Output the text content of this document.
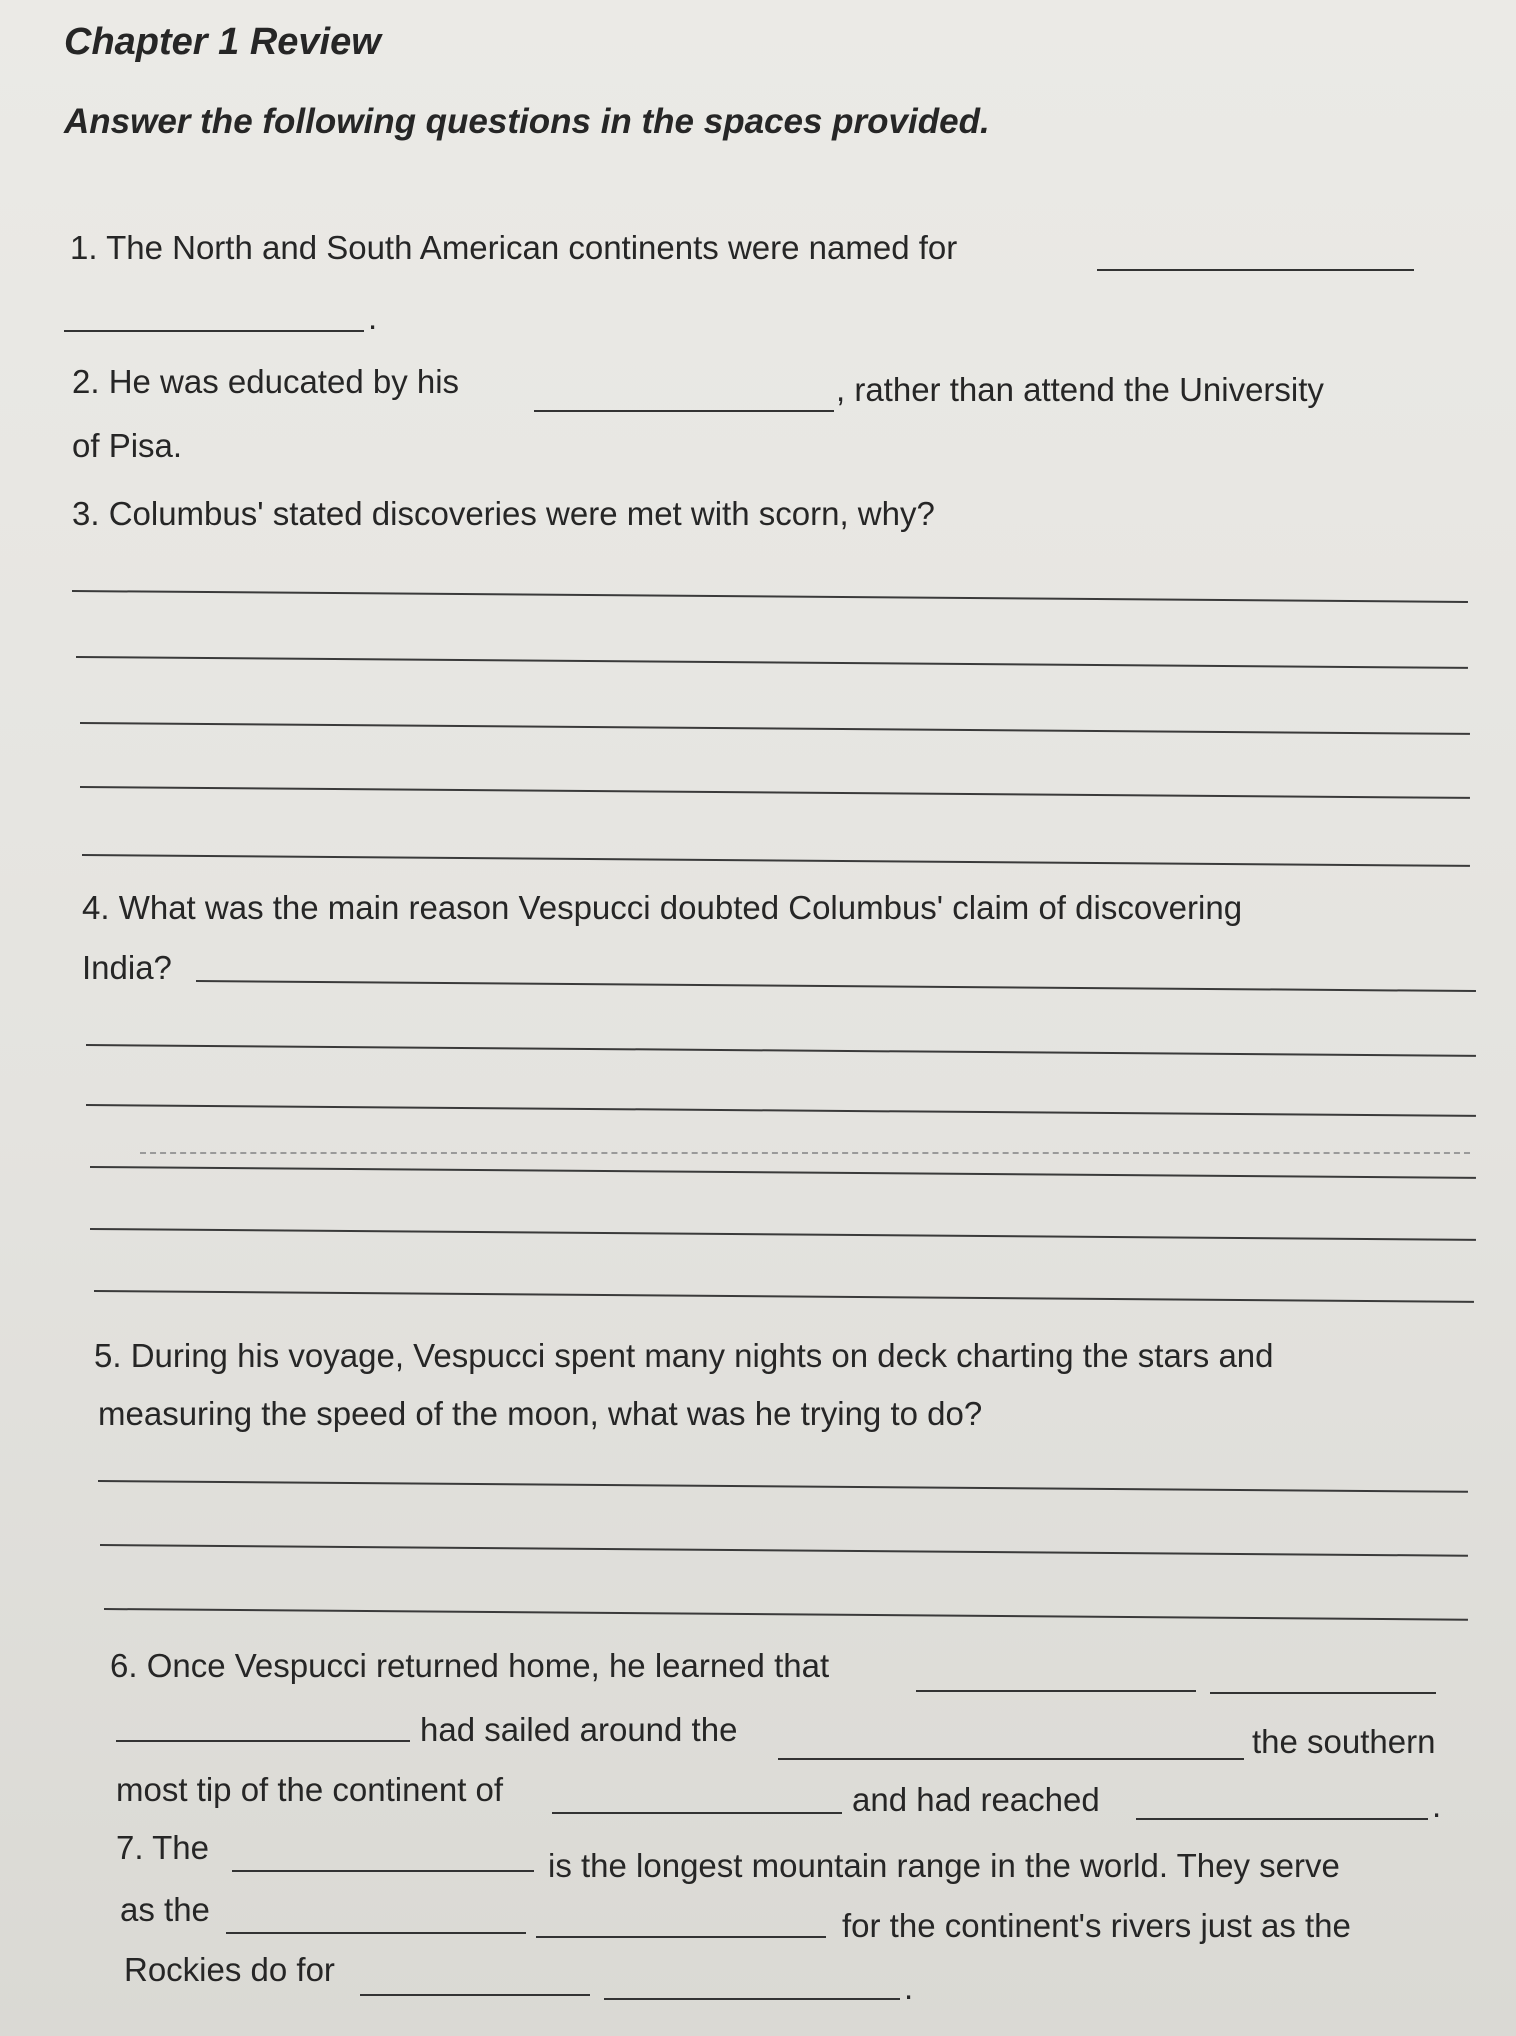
Chapter 1 Review
Answer the following questions in the spaces provided.
1. The North and South American continents were named for
.
2. He was educated by his	, rather than attend the University
of Pisa.
3. Columbus' stated discoveries were met with scorn, why?
4. What was the main reason Vespucci doubted Columbus' claim of discovering
India?
5. During his voyage, Vespucci spent many nights on deck charting the stars and
measuring the speed of the moon, what was he trying to do?
6. Once Vespucci returned home, he learned that
had sailed around the	the southern
most tip of the continent of	and had reached	.
7. The	is the longest mountain range in the world. They serve
as the	for the continent's rivers just as the
Rockies do for	.
